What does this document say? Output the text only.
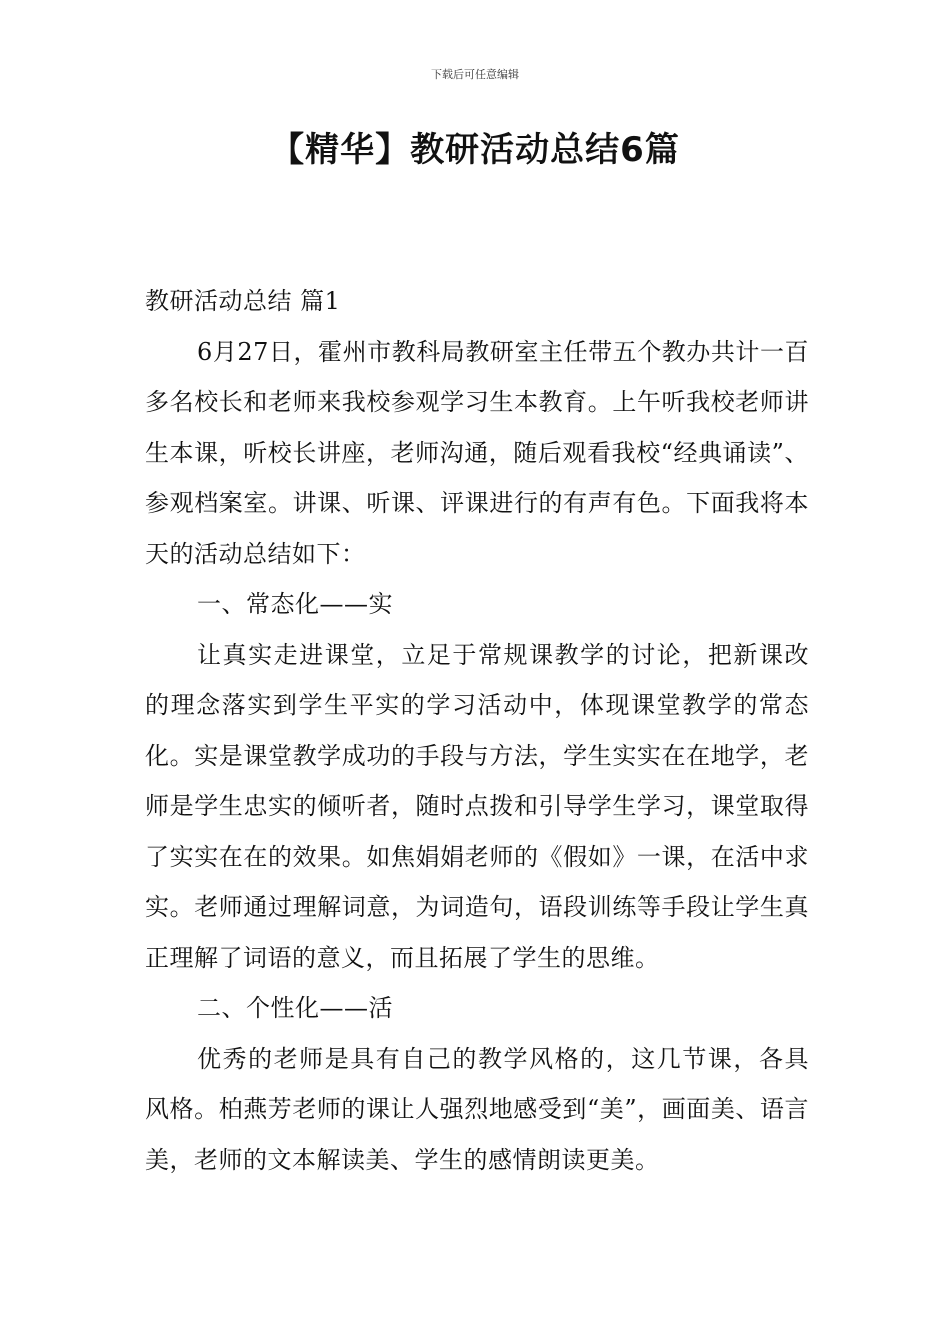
下载后可任意编辑
【精华】教研活动总结6篇

教研活动总结 篇1

6月27日，霍州市教科局教研室主任带五个教办共计一百多名校长和老师来我校参观学习生本教育。上午听我校老师讲生本课，听校长讲座，老师沟通，随后观看我校“经典诵读”、参观档案室。讲课、听课、评课进行的有声有色。下面我将本天的活动总结如下：

一、常态化——实

让真实走进课堂，立足于常规课教学的讨论，把新课改的理念落实到学生平实的学习活动中，体现课堂教学的常态化。实是课堂教学成功的手段与方法，学生实实在在地学，老师是学生忠实的倾听者，随时点拨和引导学生学习，课堂取得了实实在在的效果。如焦娟娟老师的《假如》一课，在活中求实。老师通过理解词意，为词造句，语段训练等手段让学生真正理解了词语的意义，而且拓展了学生的思维。

二、个性化——活

优秀的老师是具有自己的教学风格的，这几节课，各具风格。柏燕芳老师的课让人强烈地感受到“美”，画面美、语言美，老师的文本解读美、学生的感情朗读更美。
